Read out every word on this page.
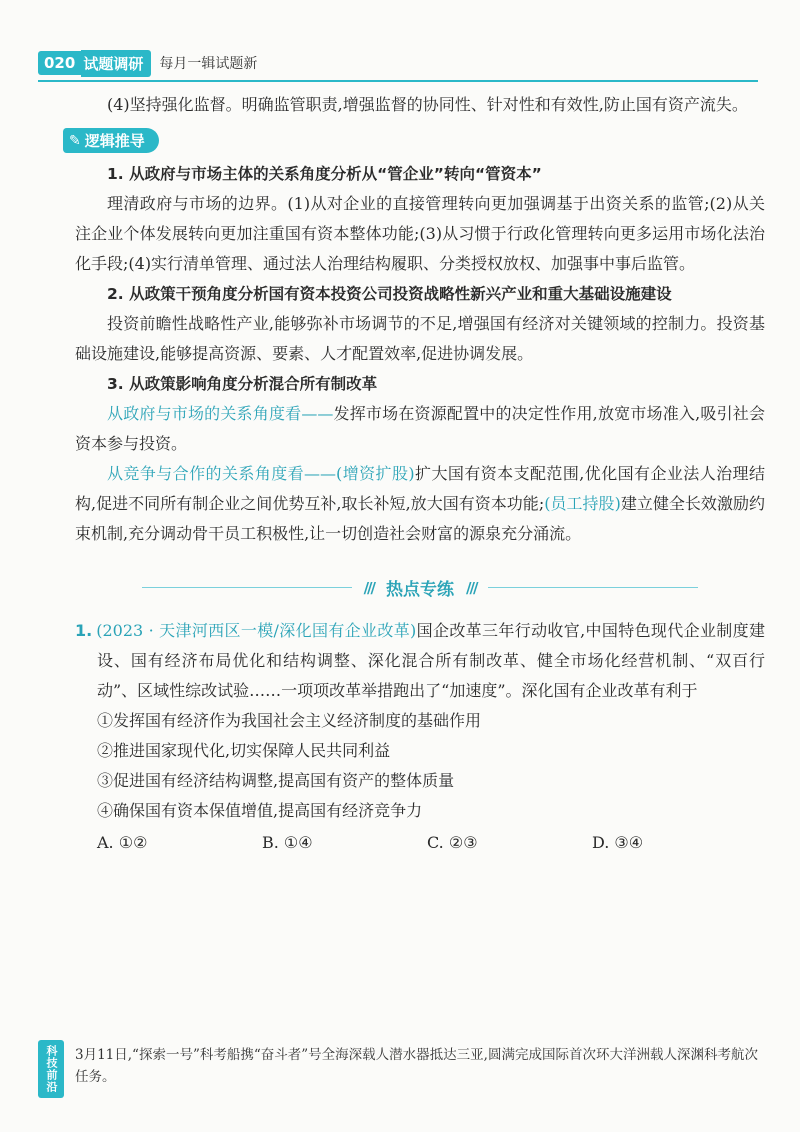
020 试题调研	每月一辑试题新

(4)坚持强化监督。明确监管职责,增强监督的协同性、针对性和有效性,防止国有资产流失。

✎ 逻辑推导

1. 从政府与市场主体的关系角度分析从“管企业”转向“管资本”

理清政府与市场的边界。(1)从对企业的直接管理转向更加强调基于出资关系的监管;(2)从关注企业个体发展转向更加注重国有资本整体功能;(3)从习惯于行政化管理转向更多运用市场化法治化手段;(4)实行清单管理、通过法人治理结构履职、分类授权放权、加强事中事后监管。

2. 从政策干预角度分析国有资本投资公司投资战略性新兴产业和重大基础设施建设

投资前瞻性战略性产业,能够弥补市场调节的不足,增强国有经济对关键领域的控制力。投资基础设施建设,能够提高资源、要素、人才配置效率,促进协调发展。

3. 从政策影响角度分析混合所有制改革

从政府与市场的关系角度看——发挥市场在资源配置中的决定性作用,放宽市场准入,吸引社会资本参与投资。

从竞争与合作的关系角度看——(增资扩股)扩大国有资本支配范围,优化国有企业法人治理结构,促进不同所有制企业之间优势互补,取长补短,放大国有资本功能;(员工持股)建立健全长效激励约束机制,充分调动骨干员工积极性,让一切创造社会财富的源泉充分涌流。

/// 热点专练 ///

1. (2023 · 天津河西区一模/深化国有企业改革)国企改革三年行动收官,中国特色现代企业制度建设、国有经济布局优化和结构调整、深化混合所有制改革、健全市场化经营机制、“双百行动”、区域性综改试验……一项项改革举措跑出了“加速度”。深化国有企业改革有利于

①发挥国有经济作为我国社会主义经济制度的基础作用

②推进国家现代化,切实保障人民共同利益

③促进国有经济结构调整,提高国有资产的整体质量

④确保国有资本保值增值,提高国有经济竞争力

A. ①②	B. ①④	C. ②③	D. ③④
科技前沿	3月11日,“探索一号”科考船携“奋斗者”号全海深载人潜水器抵达三亚,圆满完成国际首次环大洋洲载人深渊科考航次任务。
